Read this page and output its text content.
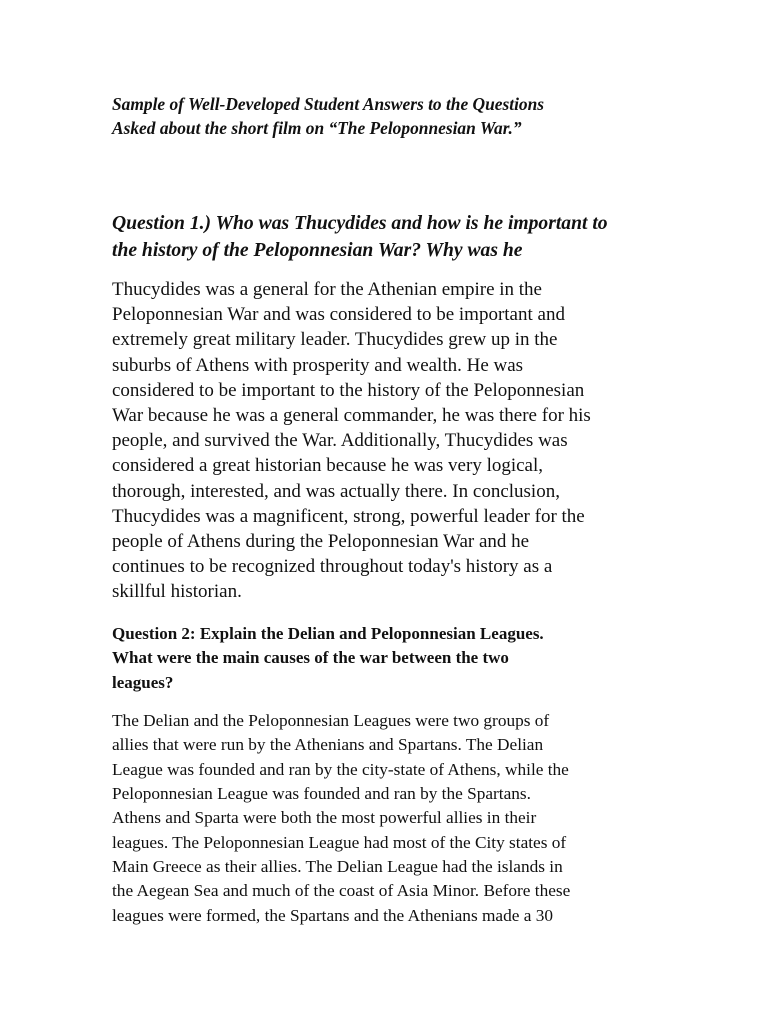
Sample of Well-Developed Student Answers to the Questions
Asked about the short film on “The Peloponnesian War.”
Question 1.) Who was Thucydides and how is he important to
the history of the Peloponnesian War? Why was he

Thucydides was a general for the Athenian empire in the
Peloponnesian War and was considered to be important and
extremely great military leader. Thucydides grew up in the
suburbs of Athens with prosperity and wealth. He was
considered to be important to the history of the Peloponnesian
War because he was a general commander, he was there for his
people, and survived the War. Additionally, Thucydides was
considered a great historian because he was very logical,
thorough, interested, and was actually there. In conclusion,
Thucydides was a magnificent, strong, powerful leader for the
people of Athens during the Peloponnesian War and he
continues to be recognized throughout today's history as a
skillful historian.

Question 2: Explain the Delian and Peloponnesian Leagues.
What were the main causes of the war between the two
leagues?

The Delian and the Peloponnesian Leagues were two groups of
allies that were run by the Athenians and Spartans. The Delian
League was founded and ran by the city-state of Athens, while the
Peloponnesian League was founded and ran by the Spartans.
Athens and Sparta were both the most powerful allies in their
leagues. The Peloponnesian League had most of the City states of
Main Greece as their allies. The Delian League had the islands in
the Aegean Sea and much of the coast of Asia Minor. Before these
leagues were formed, the Spartans and the Athenians made a 30
